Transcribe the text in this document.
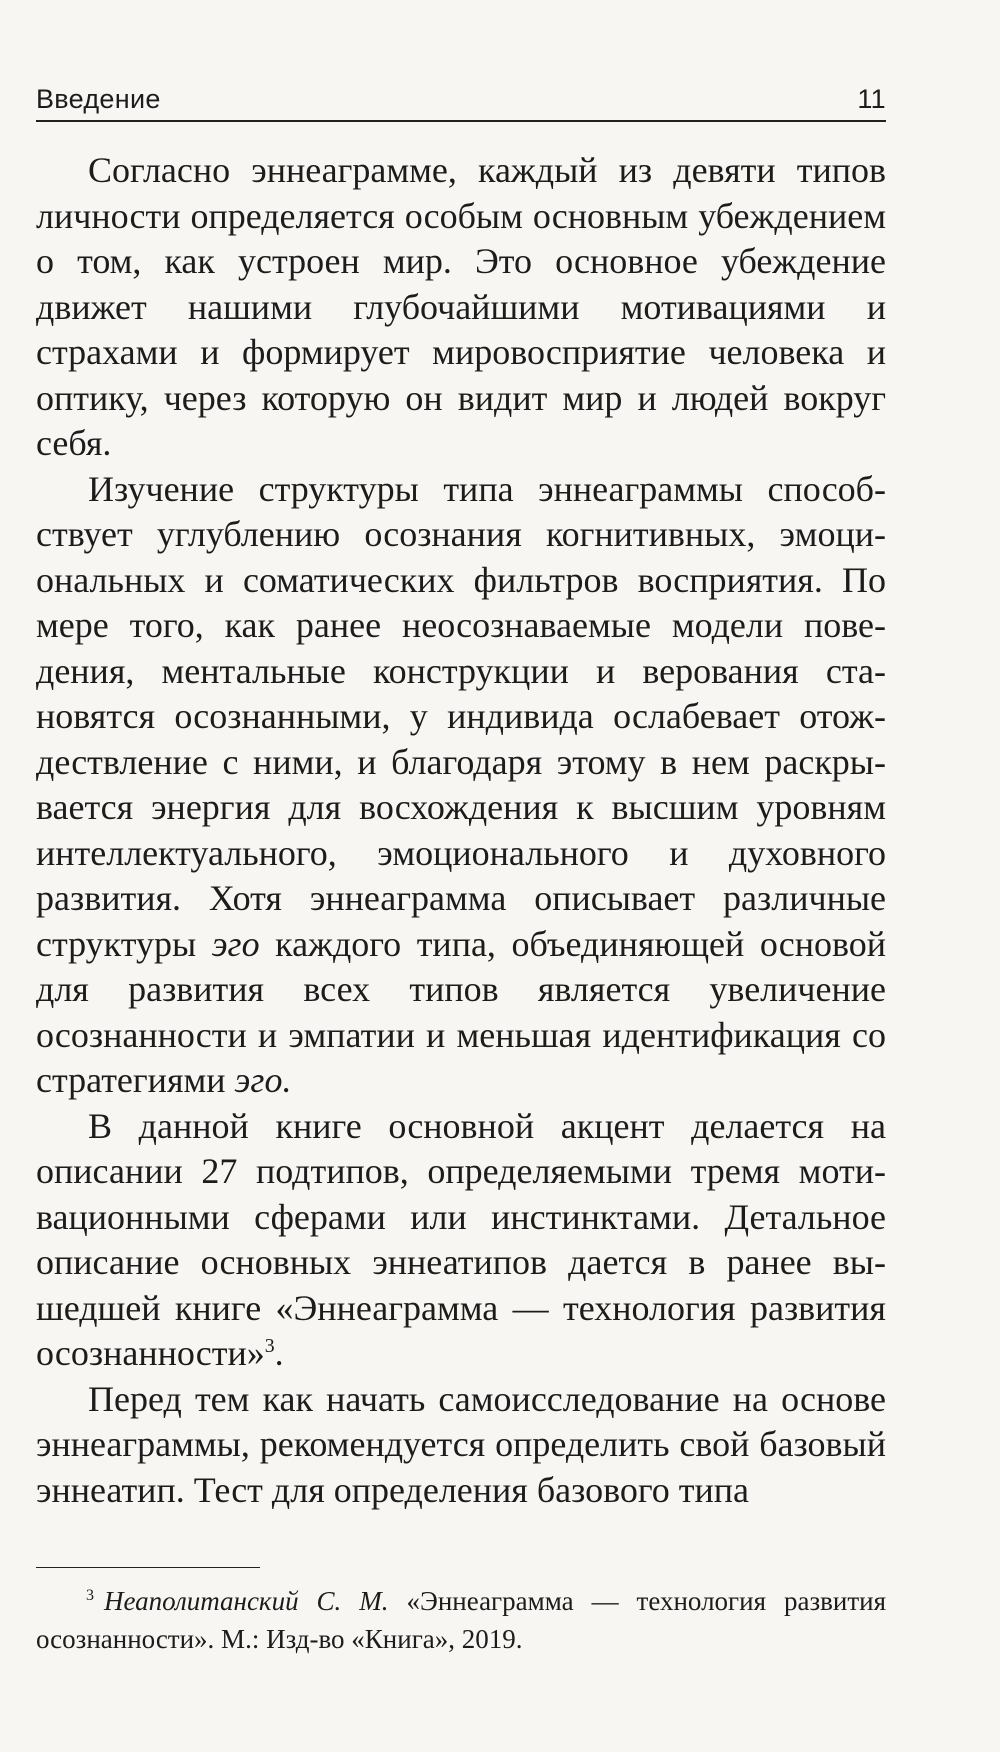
Введение	11

Согласно эннеаграмме, каждый из девяти типов личности определяется особым основным убеждением о том, как устроен мир. Это основное убеждение движет нашими глубочайшими мотивациями и страхами и формирует мировосприятие человека и оптику, через которую он видит мир и людей вокруг себя.

Изучение структуры типа эннеаграммы способствует углублению осознания когнитивных, эмоциональных и соматических фильтров восприятия. По мере того, как ранее неосознаваемые модели поведения, ментальные конструкции и верования становятся осознанными, у индивида ослабевает отождествление с ними, и благодаря этому в нем раскрывается энергия для восхождения к высшим уровням интеллектуального, эмоционального и духовного развития. Хотя эннеаграмма описывает различные структуры эго каждого типа, объединяющей основой для развития всех типов является увеличение осознанности и эмпатии и меньшая идентификация со стратегиями эго.

В данной книге основной акцент делается на описании 27 подтипов, определяемыми тремя мотивационными сферами или инстинктами. Детальное описание основных эннеатипов дается в ранее вышедшей книге «Эннеаграмма — технология развития осознанности»$^3$.

Перед тем как начать самоисследование на основе эннеаграммы, рекомендуется определить свой базовый эннеатип. Тест для определения базового типа

$^3$ Неаполитанский С. М. «Эннеаграмма — технология развития осознанности». М.: Изд-во «Книга», 2019.
